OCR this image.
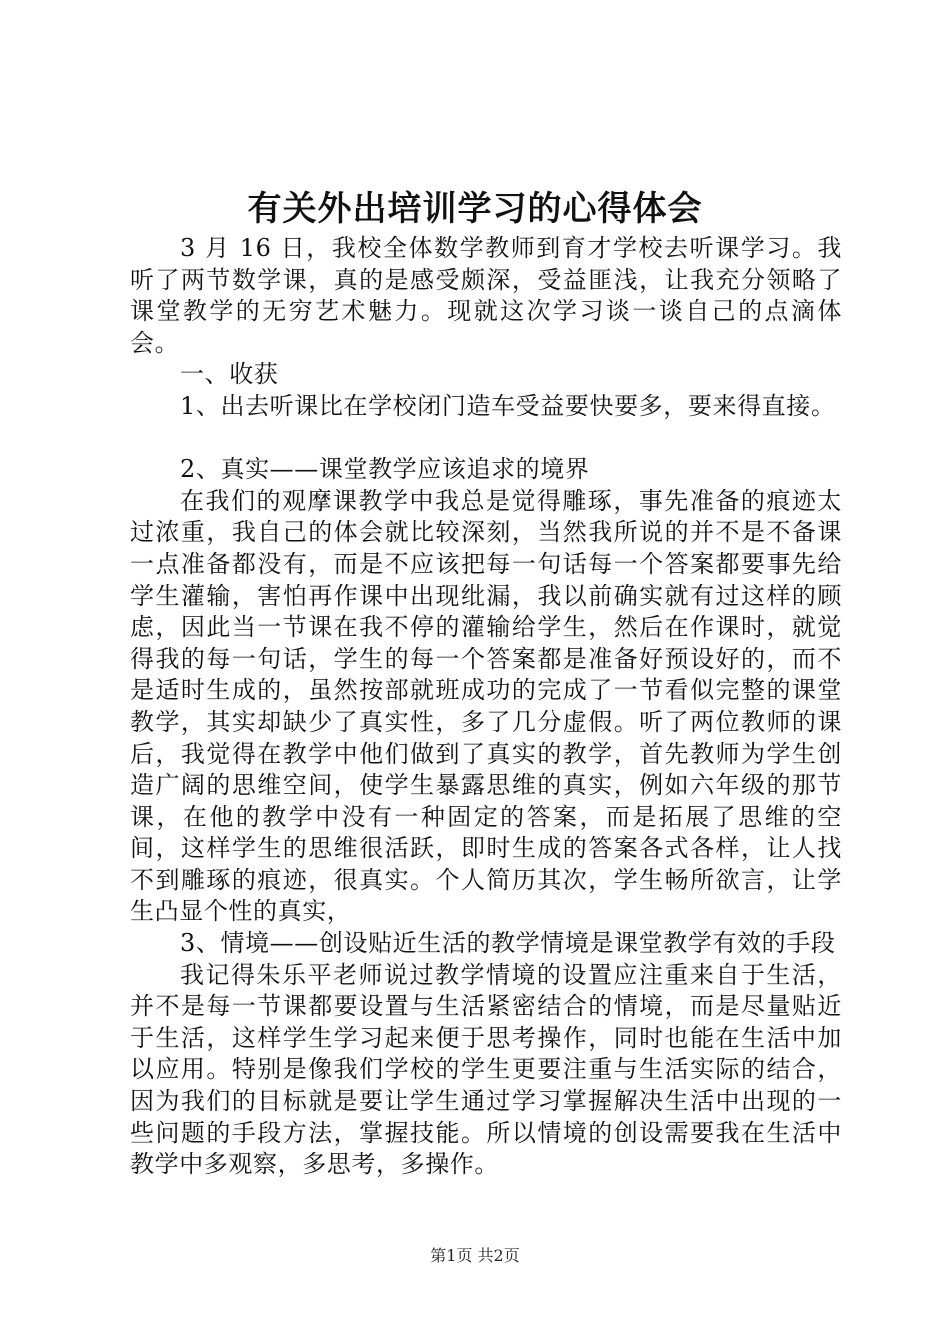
有关外出培训学习的心得体会

3 月 16 日，我校全体数学教师到育才学校去听课学习。我听了两节数学课，真的是感受颇深，受益匪浅，让我充分领略了课堂教学的无穷艺术魅力。现就这次学习谈一谈自己的点滴体会。

一、收获

1、出去听课比在学校闭门造车受益要快要多，要来得直接。

2、真实——课堂教学应该追求的境界

在我们的观摩课教学中我总是觉得雕琢，事先准备的痕迹太过浓重，我自己的体会就比较深刻，当然我所说的并不是不备课一点准备都没有，而是不应该把每一句话每一个答案都要事先给学生灌输，害怕再作课中出现纰漏，我以前确实就有过这样的顾虑，因此当一节课在我不停的灌输给学生，然后在作课时，就觉得我的每一句话，学生的每一个答案都是准备好预设好的，而不是适时生成的，虽然按部就班成功的完成了一节看似完整的课堂教学，其实却缺少了真实性，多了几分虚假。听了两位教师的课后，我觉得在教学中他们做到了真实的教学，首先教师为学生创造广阔的思维空间，使学生暴露思维的真实，例如六年级的那节课，在他的教学中没有一种固定的答案，而是拓展了思维的空间，这样学生的思维很活跃，即时生成的答案各式各样，让人找不到雕琢的痕迹，很真实。个人简历其次，学生畅所欲言，让学生凸显个性的真实，

3、情境——创设贴近生活的教学情境是课堂教学有效的手段

我记得朱乐平老师说过教学情境的设置应注重来自于生活，并不是每一节课都要设置与生活紧密结合的情境，而是尽量贴近于生活，这样学生学习起来便于思考操作，同时也能在生活中加以应用。特别是像我们学校的学生更要注重与生活实际的结合，因为我们的目标就是要让学生通过学习掌握解决生活中出现的一些问题的手段方法，掌握技能。所以情境的创设需要我在生活中教学中多观察，多思考，多操作。

第1页 共2页
